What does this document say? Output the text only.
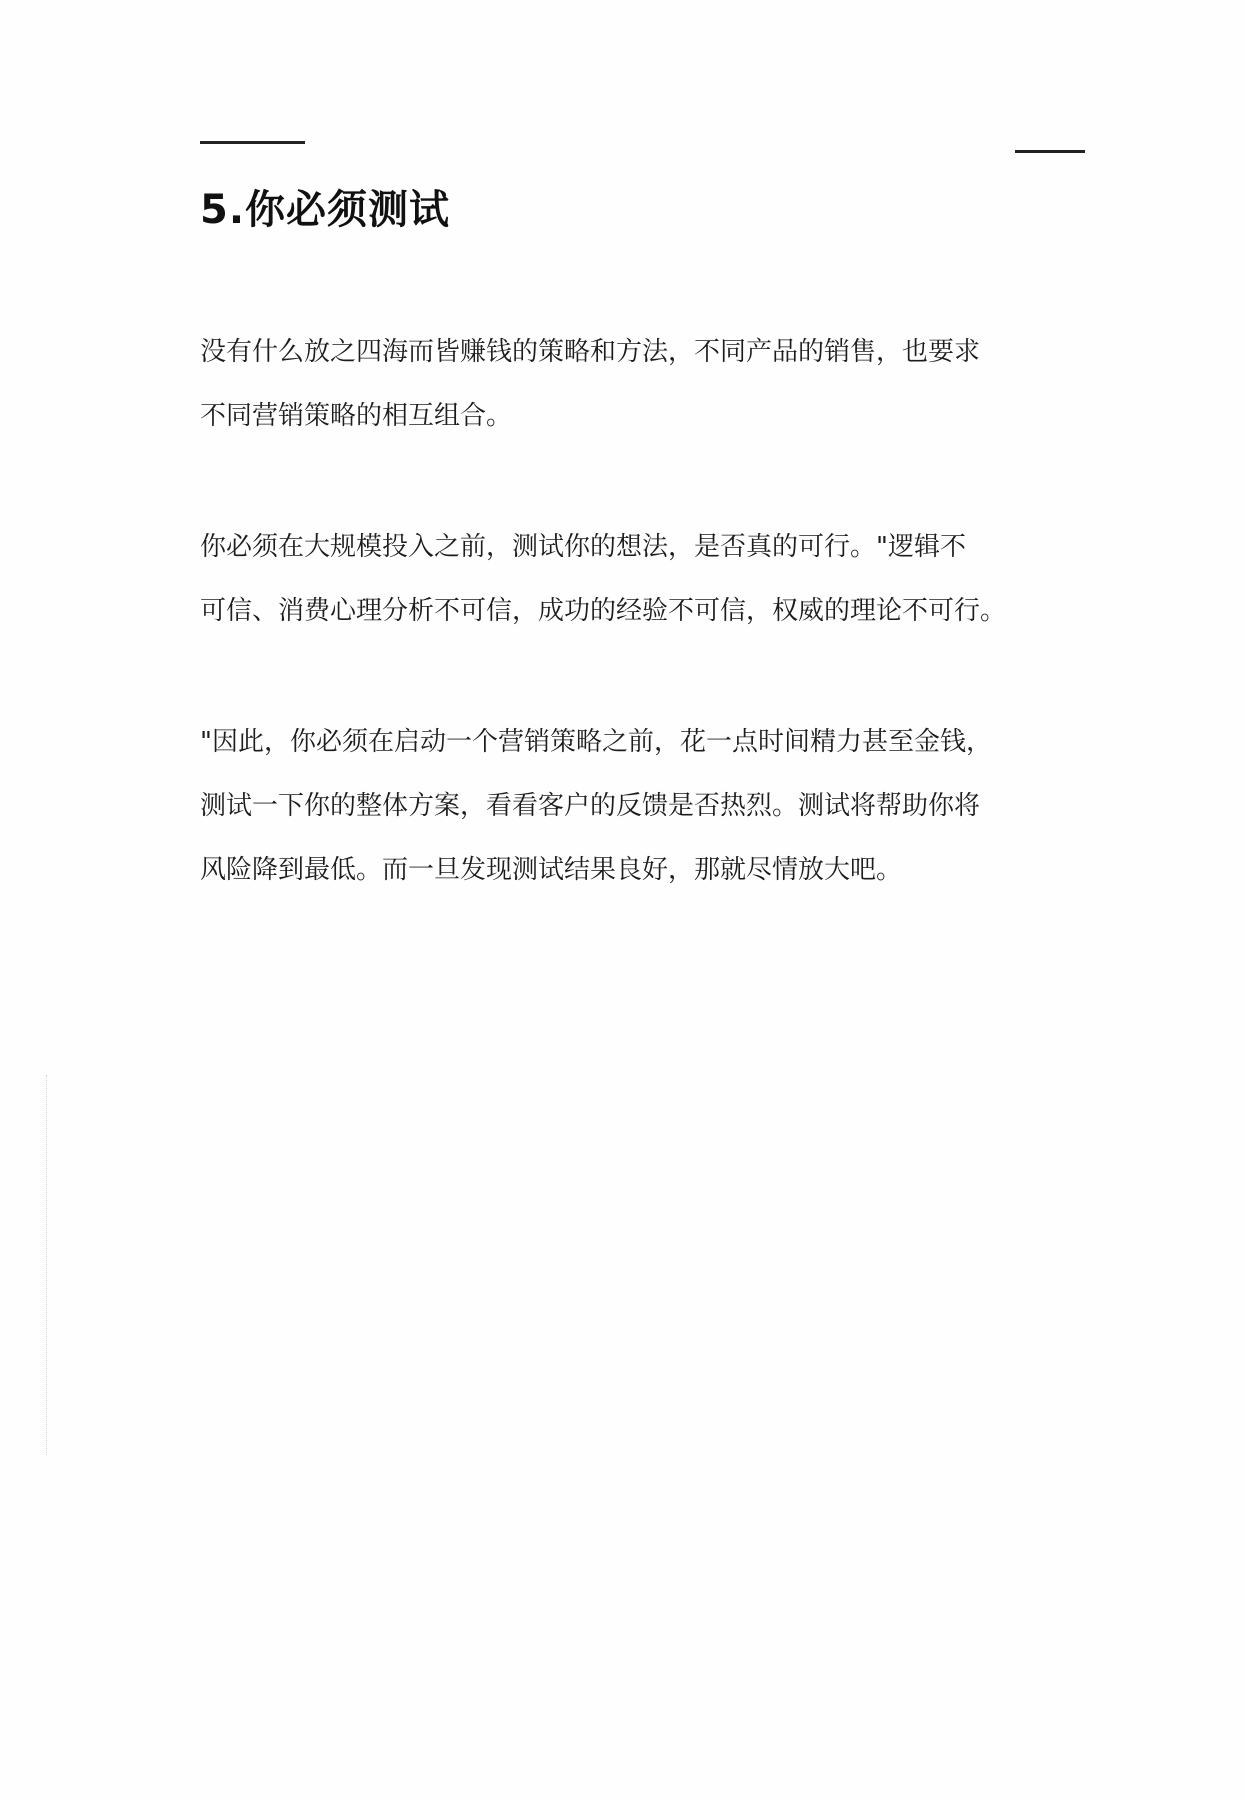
5.你必须测试

没有什么放之四海而皆赚钱的策略和方法，不同产品的销售，也要求
不同营销策略的相互组合。

你必须在大规模投入之前，测试你的想法，是否真的可行。"逻辑不
可信、消费心理分析不可信，成功的经验不可信，权威的理论不可行。

"因此，你必须在启动一个营销策略之前，花一点时间精力甚至金钱，
测试一下你的整体方案，看看客户的反馈是否热烈。测试将帮助你将
风险降到最低。而一旦发现测试结果良好，那就尽情放大吧。
